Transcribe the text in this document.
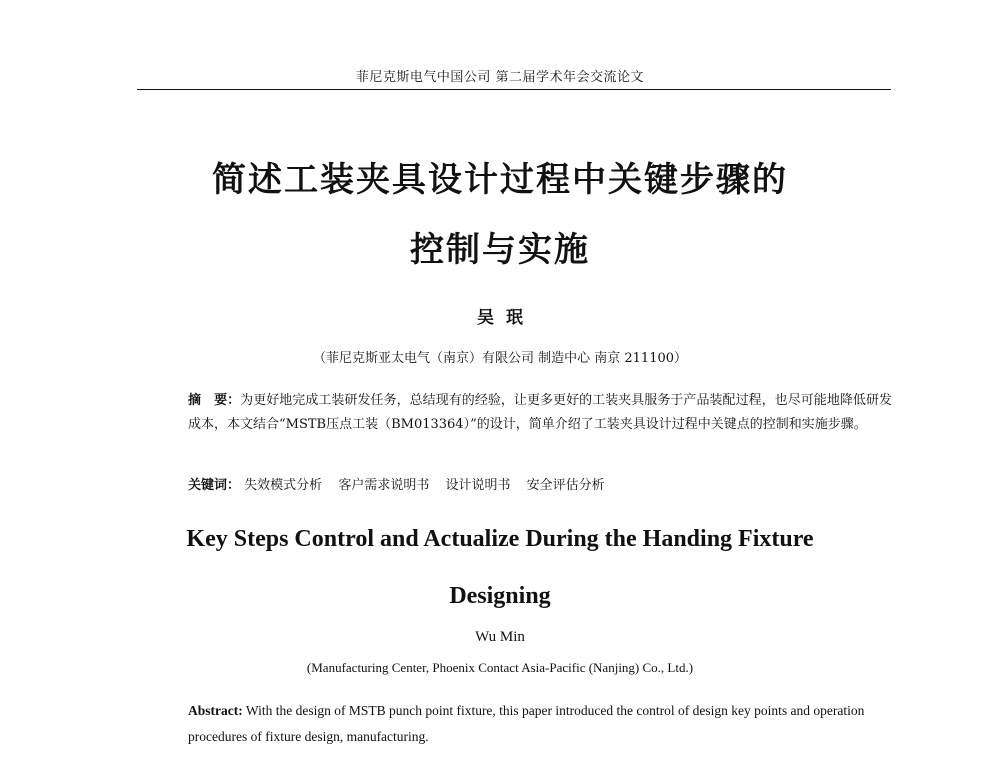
菲尼克斯电气中国公司 第二届学术年会交流论文
简述工装夹具设计过程中关键步骤的
控制与实施
吴珉
（菲尼克斯亚太电气（南京）有限公司 制造中心 南京 211100）
摘　要：为更好地完成工装研发任务，总结现有的经验，让更多更好的工装夹具服务于产品装配过程，也尽可能地降低研发成本，本文结合“MSTB压点工装（BM013364）”的设计，简单介绍了工装夹具设计过程中关键点的控制和实施步骤。
关键词： 失效模式分析 客户需求说明书 设计说明书 安全评估分析
Key Steps Control and Actualize During the Handing Fixture
Designing
Wu Min
(Manufacturing Center, Phoenix Contact Asia-Pacific (Nanjing) Co., Ltd.)
Abstract: With the design of MSTB punch point fixture, this paper introduced the control of design key points and operation procedures of fixture design, manufacturing.
